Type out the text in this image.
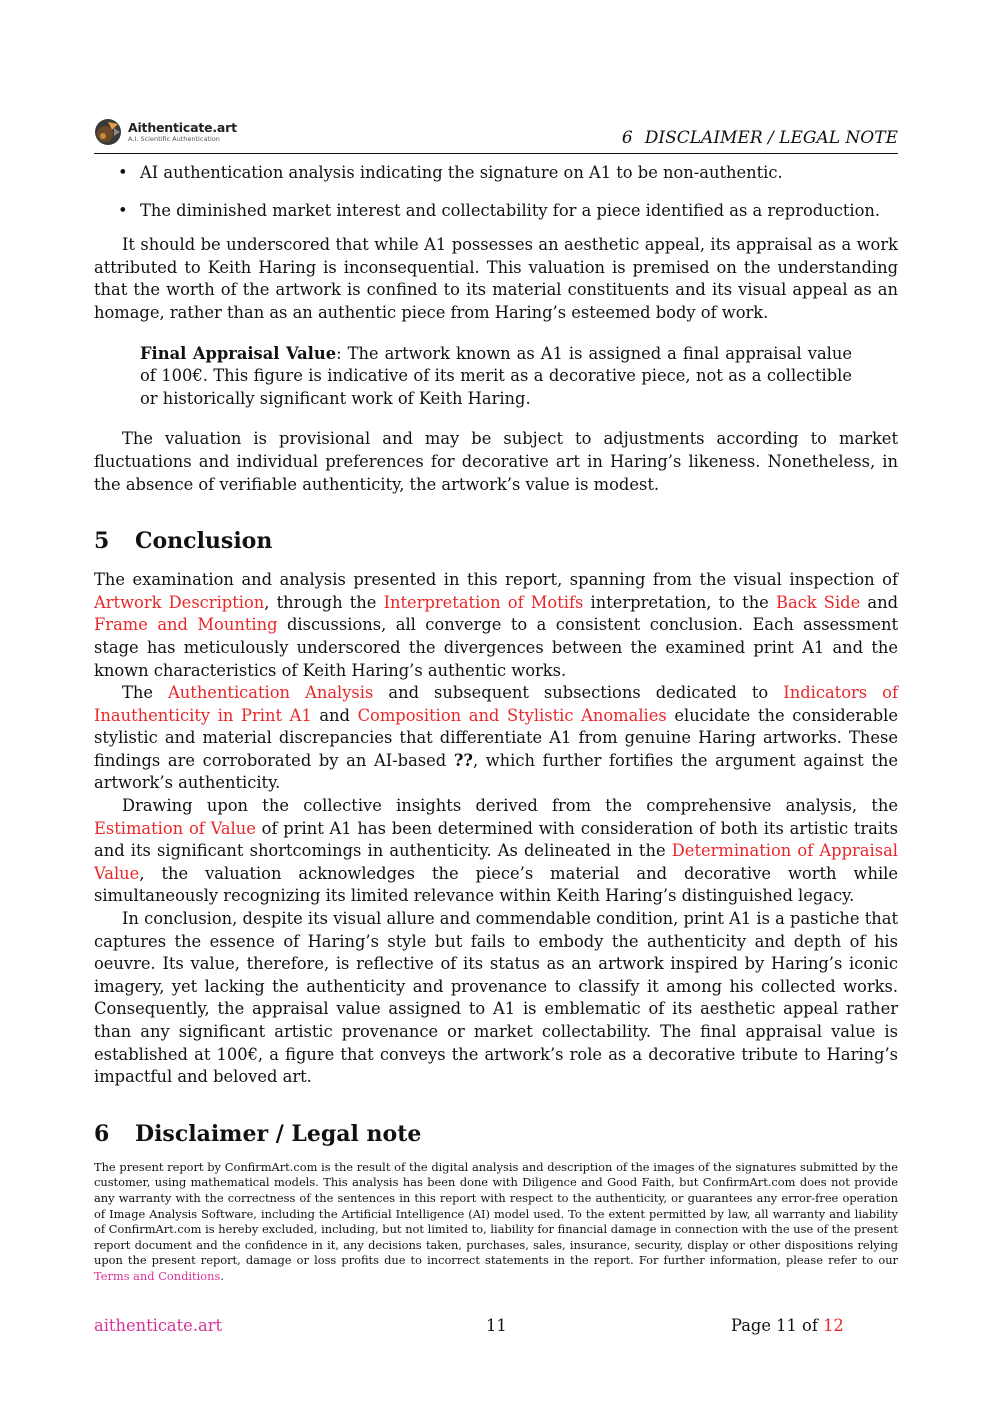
Aithenticate.art
A.I. Scientific Authentication	6 DISCLAIMER / LEGAL NOTE
• AI authentication analysis indicating the signature on A1 to be non-authentic.
• The diminished market interest and collectability for a piece identified as a reproduction.

It should be underscored that while A1 possesses an aesthetic appeal, its appraisal as a work attributed to Keith Haring is inconsequential. This valuation is premised on the understanding that the worth of the artwork is confined to its material constituents and its visual appeal as an homage, rather than as an authentic piece from Haring’s esteemed body of work.

Final Appraisal Value: The artwork known as A1 is assigned a final appraisal value of 100€. This figure is indicative of its merit as a decorative piece, not as a collectible or historically significant work of Keith Haring.

The valuation is provisional and may be subject to adjustments according to market fluctuations and individual preferences for decorative art in Haring’s likeness. Nonetheless, in the absence of verifiable authenticity, the artwork’s value is modest.

5 Conclusion

The examination and analysis presented in this report, spanning from the visual inspection of Artwork Description, through the Interpretation of Motifs interpretation, to the Back Side and Frame and Mounting discussions, all converge to a consistent conclusion. Each assessment stage has meticulously underscored the divergences between the examined print A1 and the known characteristics of Keith Haring’s authentic works.

The Authentication Analysis and subsequent subsections dedicated to Indicators of Inauthenticity in Print A1 and Composition and Stylistic Anomalies elucidate the considerable stylistic and material discrepancies that differentiate A1 from genuine Haring artworks. These findings are corroborated by an AI-based ??, which further fortifies the argument against the artwork’s authenticity.

Drawing upon the collective insights derived from the comprehensive analysis, the Estimation of Value of print A1 has been determined with consideration of both its artistic traits and its significant shortcomings in authenticity. As delineated in the Determination of Appraisal Value, the valuation acknowledges the piece’s material and decorative worth while simultaneously recognizing its limited relevance within Keith Haring’s distinguished legacy.

In conclusion, despite its visual allure and commendable condition, print A1 is a pastiche that captures the essence of Haring’s style but fails to embody the authenticity and depth of his oeuvre. Its value, therefore, is reflective of its status as an artwork inspired by Haring’s iconic imagery, yet lacking the authenticity and provenance to classify it among his collected works. Consequently, the appraisal value assigned to A1 is emblematic of its aesthetic appeal rather than any significant artistic provenance or market collectability. The final appraisal value is established at 100€, a figure that conveys the artwork’s role as a decorative tribute to Haring’s impactful and beloved art.

6 Disclaimer / Legal note

The present report by ConfirmArt.com is the result of the digital analysis and description of the images of the signatures submitted by the customer, using mathematical models. This analysis has been done with Diligence and Good Faith, but ConfirmArt.com does not provide any warranty with the correctness of the sentences in this report with respect to the authenticity, or guarantees any error-free operation of Image Analysis Software, including the Artificial Intelligence (AI) model used. To the extent permitted by law, all warranty and liability of ConfirmArt.com is hereby excluded, including, but not limited to, liability for financial damage in connection with the use of the present report document and the confidence in it, any decisions taken, purchases, sales, insurance, security, display or other dispositions relying upon the present report, damage or loss profits due to incorrect statements in the report. For further information, please refer to our Terms and Conditions.

aithenticate.art	11	Page 11 of 12
